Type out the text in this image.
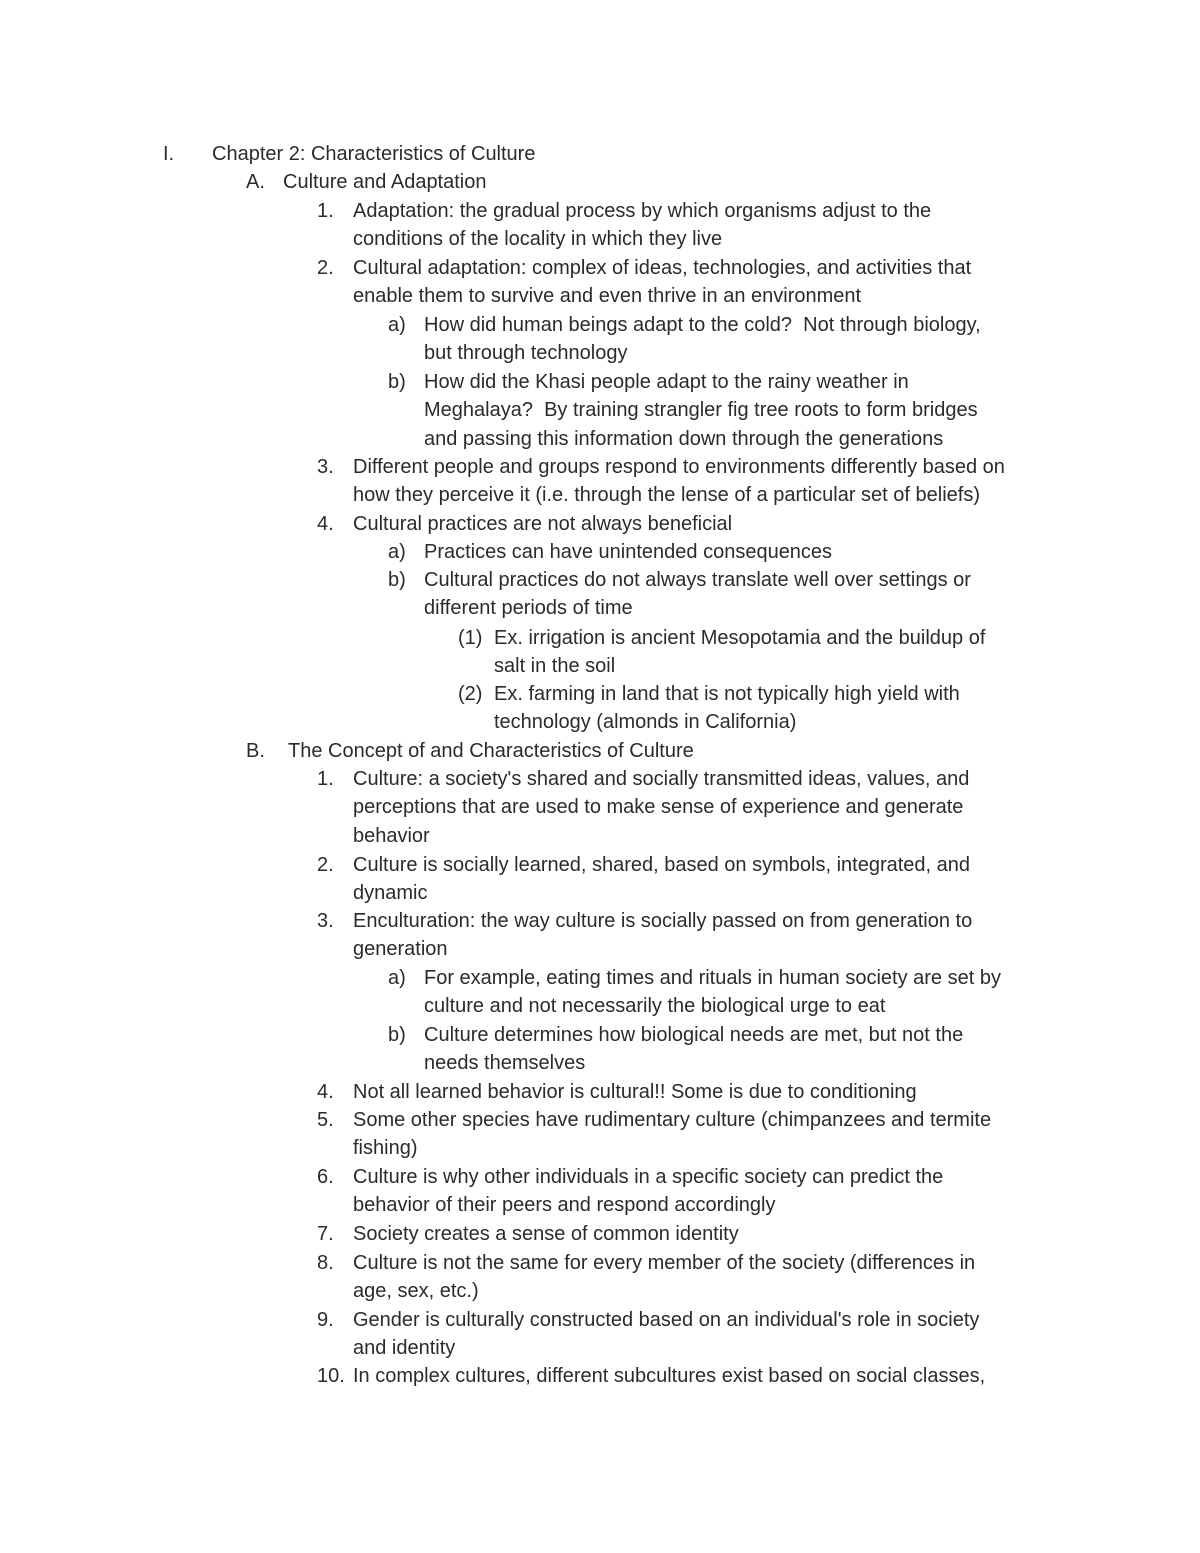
I. Chapter 2: Characteristics of Culture
A. Culture and Adaptation
1. Adaptation: the gradual process by which organisms adjust to the
conditions of the locality in which they live
2. Cultural adaptation: complex of ideas, technologies, and activities that
enable them to survive and even thrive in an environment
a) How did human beings adapt to the cold?  Not through biology,
but through technology
b) How did the Khasi people adapt to the rainy weather in
Meghalaya?  By training strangler fig tree roots to form bridges
and passing this information down through the generations
3. Different people and groups respond to environments differently based on
how they perceive it (i.e. through the lense of a particular set of beliefs)
4. Cultural practices are not always beneficial
a) Practices can have unintended consequences
b) Cultural practices do not always translate well over settings or
different periods of time
(1) Ex. irrigation is ancient Mesopotamia and the buildup of
salt in the soil
(2) Ex. farming in land that is not typically high yield with
technology (almonds in California)
B. The Concept of and Characteristics of Culture
1. Culture: a society's shared and socially transmitted ideas, values, and
perceptions that are used to make sense of experience and generate
behavior
2. Culture is socially learned, shared, based on symbols, integrated, and
dynamic
3. Enculturation: the way culture is socially passed on from generation to
generation
a) For example, eating times and rituals in human society are set by
culture and not necessarily the biological urge to eat
b) Culture determines how biological needs are met, but not the
needs themselves
4. Not all learned behavior is cultural!! Some is due to conditioning
5. Some other species have rudimentary culture (chimpanzees and termite
fishing)
6. Culture is why other individuals in a specific society can predict the
behavior of their peers and respond accordingly
7. Society creates a sense of common identity
8. Culture is not the same for every member of the society (differences in
age, sex, etc.)
9. Gender is culturally constructed based on an individual's role in society
and identity
10. In complex cultures, different subcultures exist based on social classes,
